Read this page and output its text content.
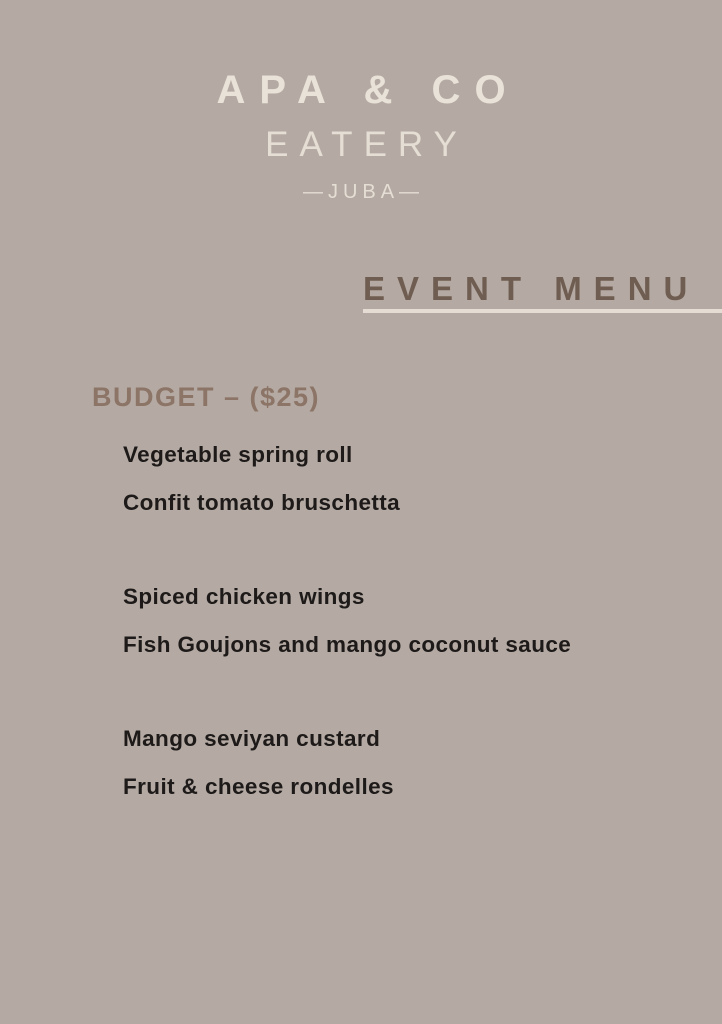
APA & CO
EATERY
—JUBA—
EVENT MENU
BUDGET – ($25)
Vegetable spring roll
Confit tomato bruschetta
Spiced chicken wings
Fish Goujons and mango coconut sauce
Mango seviyan custard
Fruit & cheese rondelles
